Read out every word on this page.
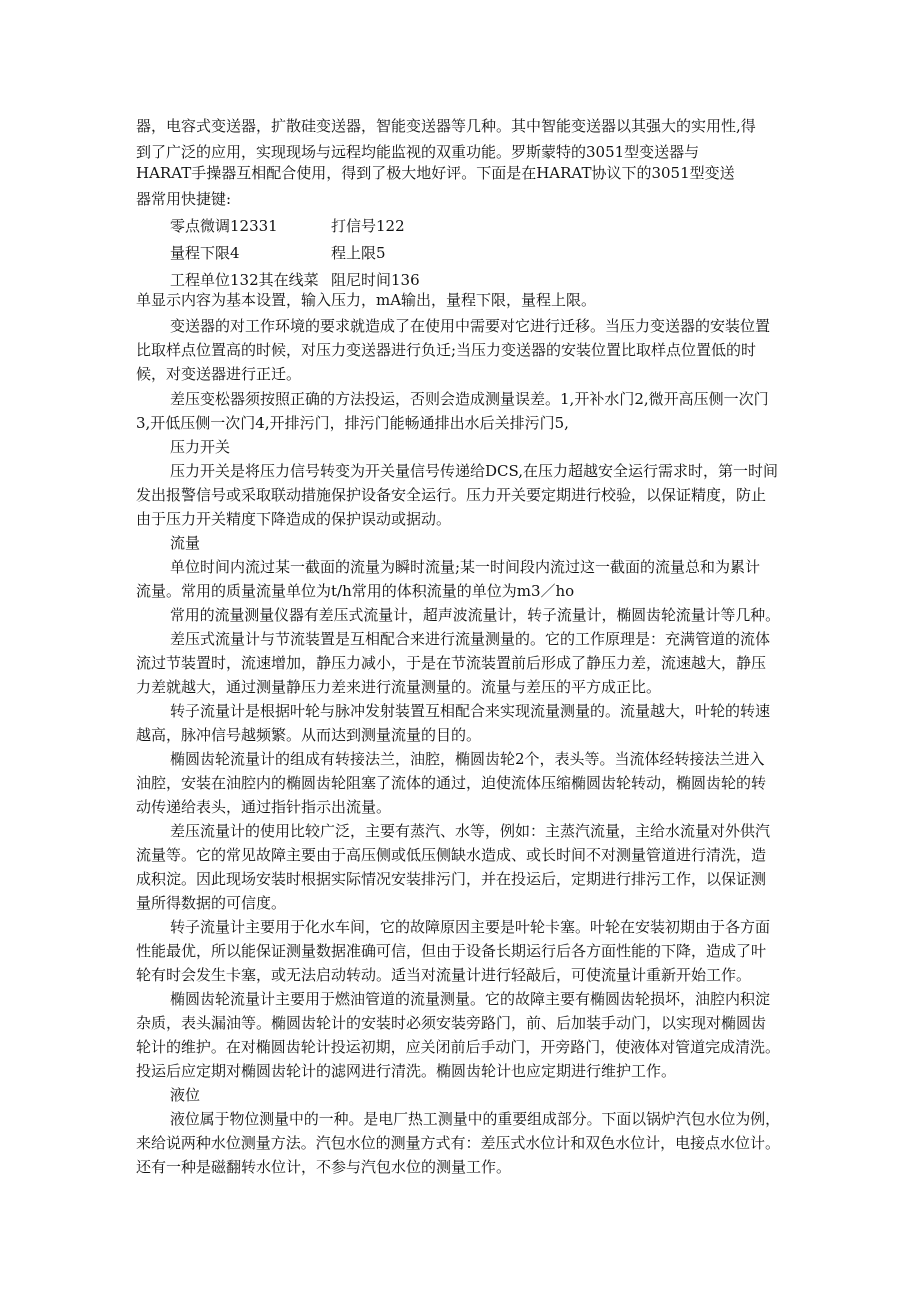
器，电容式变送器，扩散硅变送器，智能变送器等几种。其中智能变送器以其强大的实用性,得
到了广泛的应用，实现现场与远程均能监视的双重功能。罗斯蒙特的3051型变送器与
HARAT手操器互相配合使用，得到了极大地好评。下面是在HARAT协议下的3051型变送
器常用快捷键:
零点微调12331	打信号122
量程下限4	程上限5
工程单位132其在线菜 阻尼时间136
单显示内容为基本设置，输入压力，mA输出，量程下限，量程上限。
变送器的对工作环境的要求就造成了在使用中需要对它进行迁移。当压力变送器的安装位置
比取样点位置高的时候，对压力变送器进行负迁;当压力变送器的安装位置比取样点位置低的时
候，对变送器进行正迁。
差压变松器须按照正确的方法投运，否则会造成测量误差。1,开补水门2,微开高压侧一次门
3,开低压侧一次门4,开排污门，排污门能畅通排出水后关排污门5,
压力开关
压力开关是将压力信号转变为开关量信号传递给DCS,在压力超越安全运行需求时，第一时间
发出报警信号或采取联动措施保护设备安全运行。压力开关要定期进行校验，以保证精度，防止
由于压力开关精度下降造成的保护误动或据动。
流量
单位时间内流过某一截面的流量为瞬时流量;某一时间段内流过这一截面的流量总和为累计
流量。常用的质量流量单位为t/h常用的体积流量的单位为m3／ho
常用的流量测量仪器有差压式流量计，超声波流量计，转子流量计，椭圆齿轮流量计等几种。
差压式流量计与节流装置是互相配合来进行流量测量的。它的工作原理是：充满管道的流体
流过节装置时，流速增加，静压力减小，于是在节流装置前后形成了静压力差，流速越大，静压
力差就越大，通过测量静压力差来进行流量测量的。流量与差压的平方成正比。
转子流量计是根据叶轮与脉冲发射装置互相配合来实现流量测量的。流量越大，叶轮的转速
越高，脉冲信号越频繁。从而达到测量流量的目的。
椭圆齿轮流量计的组成有转接法兰，油腔，椭圆齿轮2个，表头等。当流体经转接法兰进入
油腔，安装在油腔内的椭圆齿轮阻塞了流体的通过，迫使流体压缩椭圆齿轮转动，椭圆齿轮的转
动传递给表头，通过指针指示出流量。
差压流量计的使用比较广泛，主要有蒸汽、水等，例如：主蒸汽流量，主给水流量对外供汽
流量等。它的常见故障主要由于高压侧或低压侧缺水造成、或长时间不对测量管道进行清洗，造
成积淀。因此现场安装时根据实际情况安装排污门，并在投运后，定期进行排污工作，以保证测
量所得数据的可信度。
转子流量计主要用于化水车间，它的故障原因主要是叶轮卡塞。叶轮在安装初期由于各方面
性能最优，所以能保证测量数据准确可信，但由于设备长期运行后各方面性能的下降，造成了叶
轮有时会发生卡塞，或无法启动转动。适当对流量计进行轻敲后，可使流量计重新开始工作。
椭圆齿轮流量计主要用于燃油管道的流量测量。它的故障主要有椭圆齿轮损坏，油腔内积淀
杂质，表头漏油等。椭圆齿轮计的安装时必须安装旁路门，前、后加装手动门，以实现对椭圆齿
轮计的维护。在对椭圆齿轮计投运初期，应关闭前后手动门，开旁路门，使液体对管道完成清洗。
投运后应定期对椭圆齿轮计的滤网进行清洗。椭圆齿轮计也应定期进行维护工作。
液位
液位属于物位测量中的一种。是电厂热工测量中的重要组成部分。下面以锅炉汽包水位为例，
来给说两种水位测量方法。汽包水位的测量方式有：差压式水位计和双色水位计，电接点水位计。
还有一种是磁翻转水位计，不参与汽包水位的测量工作。
